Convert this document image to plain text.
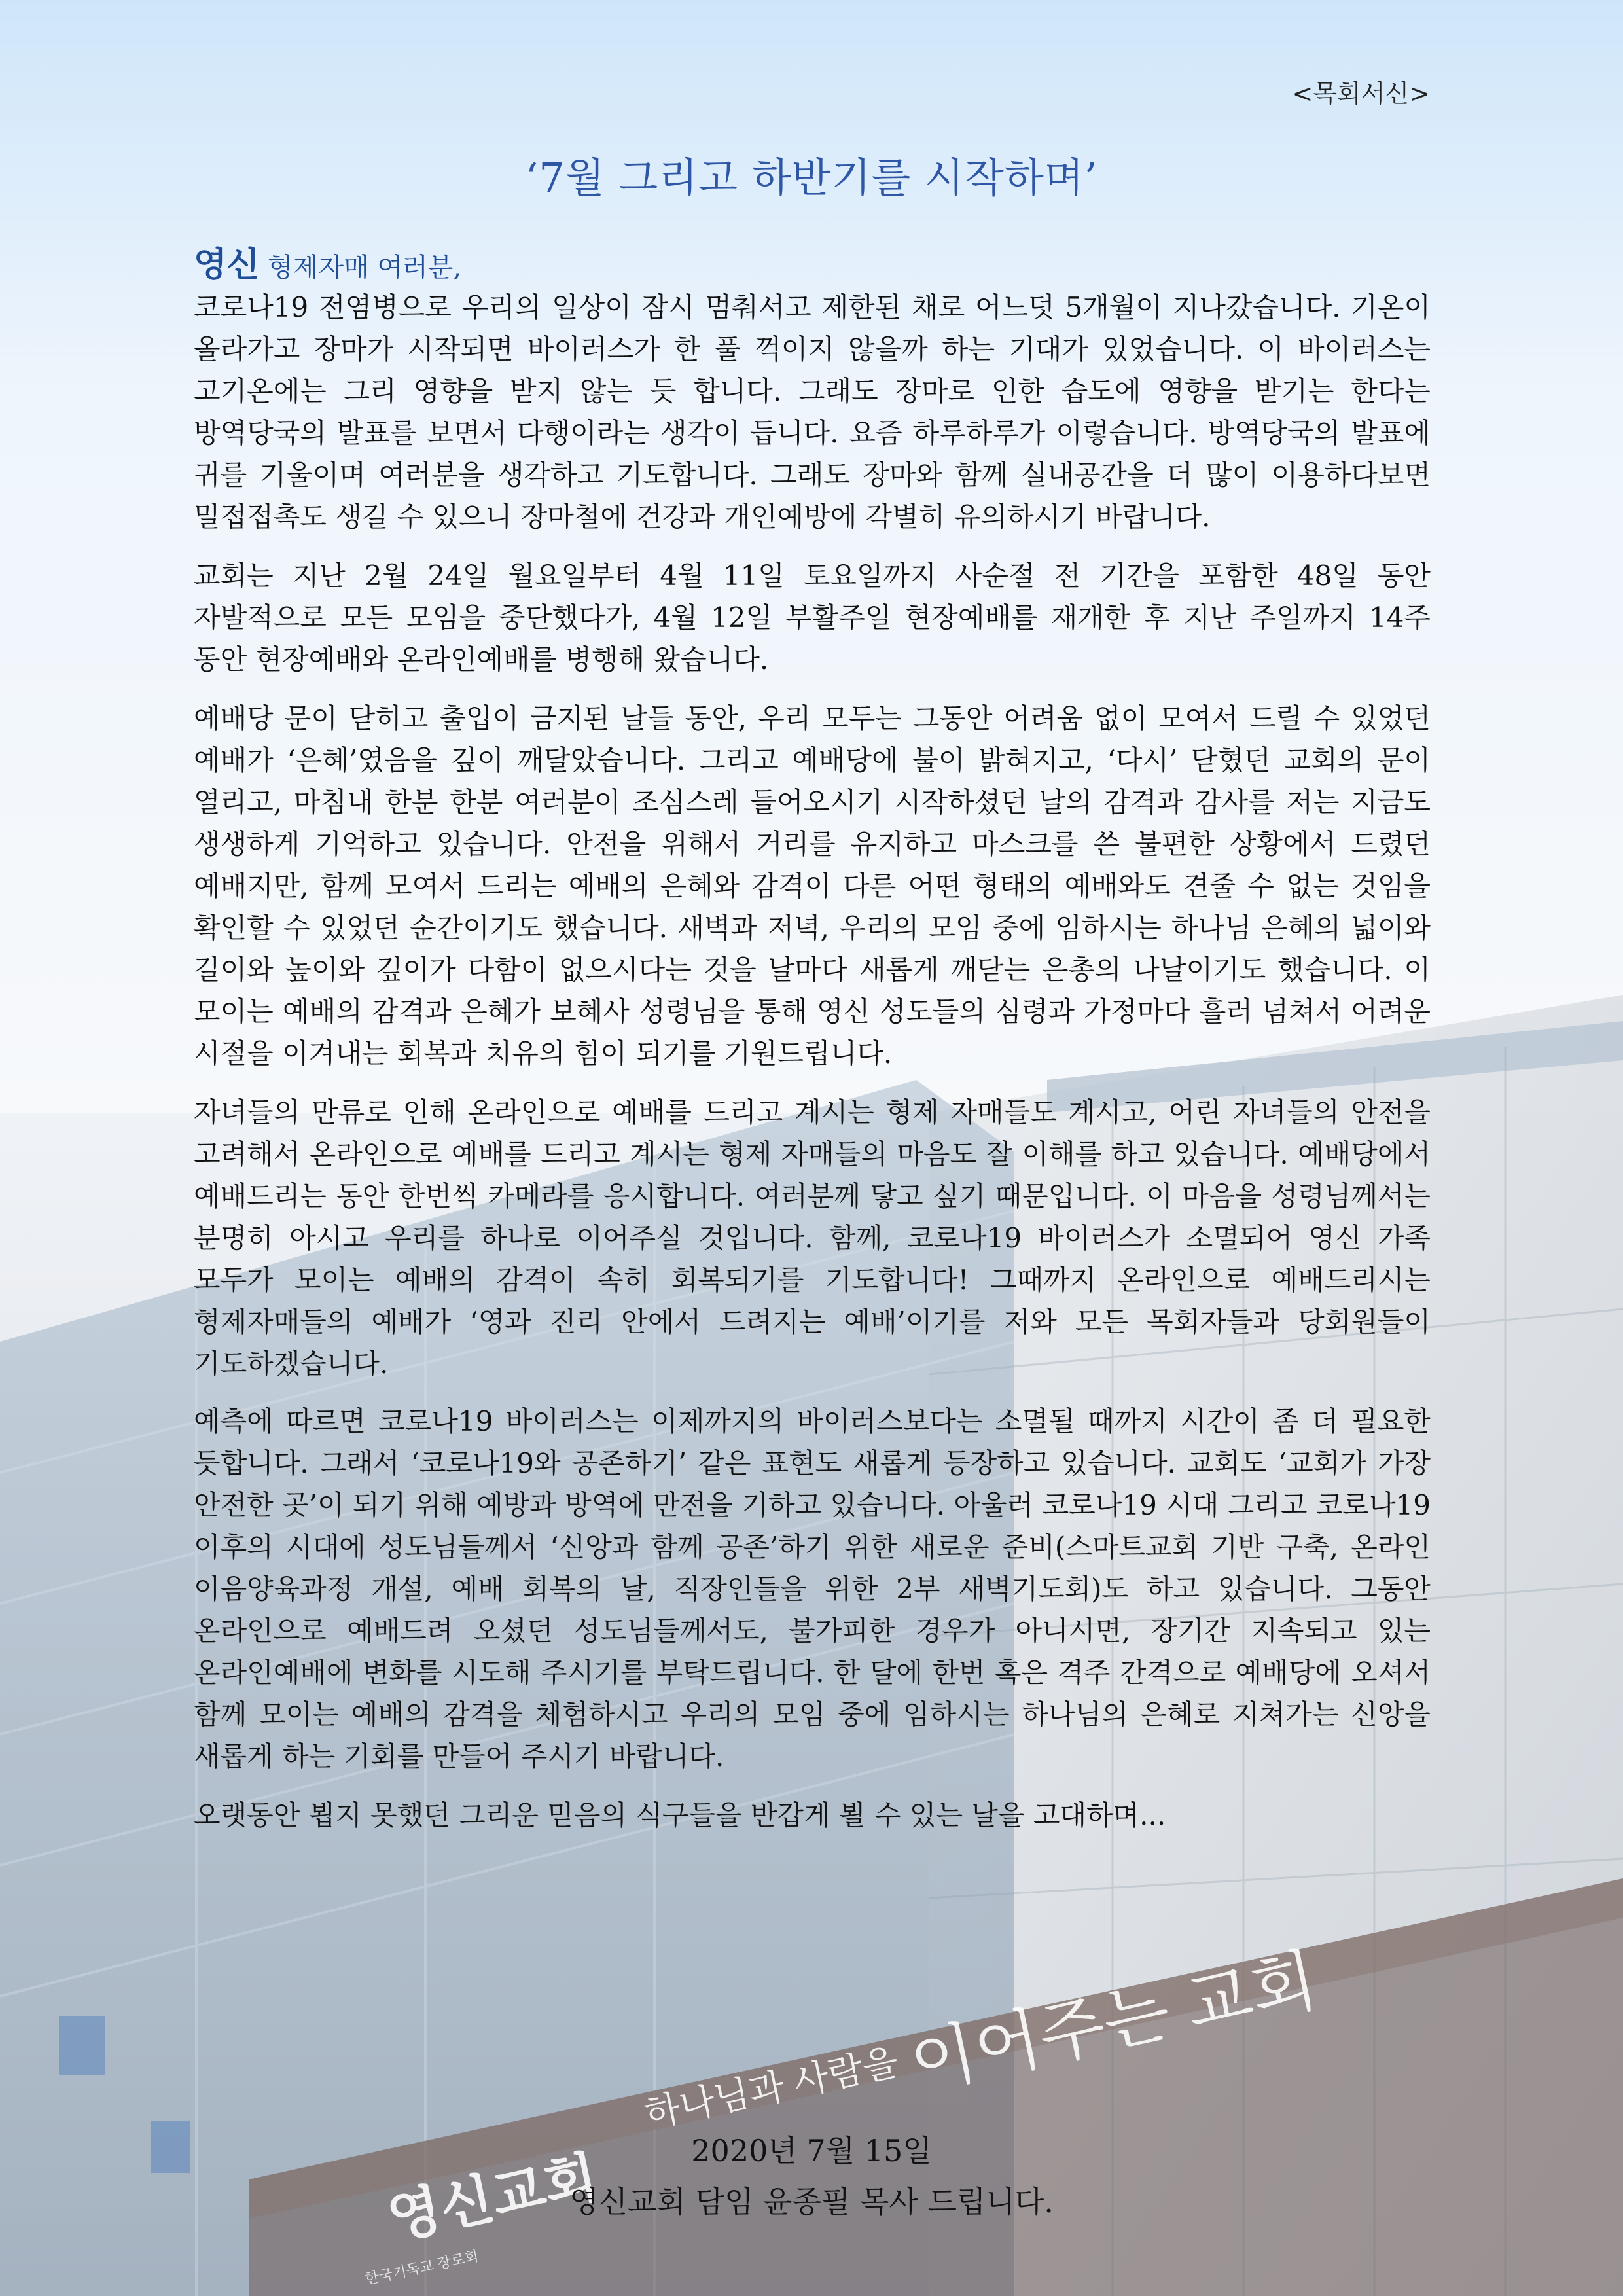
<목회서신>
‘7월 그리고 하반기를 시작하며’
영신 형제자매 여러분,

코로나19 전염병으로 우리의 일상이 잠시 멈춰서고 제한된 채로 어느덧 5개월이 지나갔습니다. 기온이 올라가고 장마가 시작되면 바이러스가 한 풀 꺽이지 않을까 하는 기대가 있었습니다. 이 바이러스는 고기온에는 그리 영향을 받지 않는 듯 합니다. 그래도 장마로 인한 습도에 영향을 받기는 한다는 방역당국의 발표를 보면서 다행이라는 생각이 듭니다. 요즘 하루하루가 이렇습니다. 방역당국의 발표에 귀를 기울이며 여러분을 생각하고 기도합니다. 그래도 장마와 함께 실내공간을 더 많이 이용하다보면 밀접접촉도 생길 수 있으니 장마철에 건강과 개인예방에 각별히 유의하시기 바랍니다.

교회는 지난 2월 24일 월요일부터 4월 11일 토요일까지 사순절 전 기간을 포함한 48일 동안 자발적으로 모든 모임을 중단했다가, 4월 12일 부활주일 현장예배를 재개한 후 지난 주일까지 14주 동안 현장예배와 온라인예배를 병행해 왔습니다.

예배당 문이 닫히고 출입이 금지된 날들 동안, 우리 모두는 그동안 어려움 없이 모여서 드릴 수 있었던 예배가 ‘은혜’였음을 깊이 깨달았습니다. 그리고 예배당에 불이 밝혀지고, ‘다시’ 닫혔던 교회의 문이 열리고, 마침내 한분 한분 여러분이 조심스레 들어오시기 시작하셨던 날의 감격과 감사를 저는 지금도 생생하게 기억하고 있습니다. 안전을 위해서 거리를 유지하고 마스크를 쓴 불편한 상황에서 드렸던 예배지만, 함께 모여서 드리는 예배의 은혜와 감격이 다른 어떤 형태의 예배와도 견줄 수 없는 것임을 확인할 수 있었던 순간이기도 했습니다. 새벽과 저녁, 우리의 모임 중에 임하시는 하나님 은혜의 넓이와 길이와 높이와 깊이가 다함이 없으시다는 것을 날마다 새롭게 깨닫는 은총의 나날이기도 했습니다. 이 모이는 예배의 감격과 은혜가 보혜사 성령님을 통해 영신 성도들의 심령과 가정마다 흘러 넘쳐서 어려운 시절을 이겨내는 회복과 치유의 힘이 되기를 기원드립니다.

자녀들의 만류로 인해 온라인으로 예배를 드리고 계시는 형제 자매들도 계시고, 어린 자녀들의 안전을 고려해서 온라인으로 예배를 드리고 계시는 형제 자매들의 마음도 잘 이해를 하고 있습니다. 예배당에서 예배드리는 동안 한번씩 카메라를 응시합니다. 여러분께 닿고 싶기 때문입니다. 이 마음을 성령님께서는 분명히 아시고 우리를 하나로 이어주실 것입니다. 함께, 코로나19 바이러스가 소멸되어 영신 가족 모두가 모이는 예배의 감격이 속히 회복되기를 기도합니다! 그때까지 온라인으로 예배드리시는 형제자매들의 예배가 ‘영과 진리 안에서 드려지는 예배’이기를 저와 모든 목회자들과 당회원들이 기도하겠습니다.

예측에 따르면 코로나19 바이러스는 이제까지의 바이러스보다는 소멸될 때까지 시간이 좀 더 필요한 듯합니다. 그래서 ‘코로나19와 공존하기’ 같은 표현도 새롭게 등장하고 있습니다. 교회도 ‘교회가 가장 안전한 곳’이 되기 위해 예방과 방역에 만전을 기하고 있습니다. 아울러 코로나19 시대 그리고 코로나19 이후의 시대에 성도님들께서 ‘신앙과 함께 공존’하기 위한 새로운 준비(스마트교회 기반 구축, 온라인 이음양육과정 개설, 예배 회복의 날, 직장인들을 위한 2부 새벽기도회)도 하고 있습니다. 그동안 온라인으로 예배드려 오셨던 성도님들께서도, 불가피한 경우가 아니시면, 장기간 지속되고 있는 온라인예배에 변화를 시도해 주시기를 부탁드립니다. 한 달에 한번 혹은 격주 간격으로 예배당에 오셔서 함께 모이는 예배의 감격을 체험하시고 우리의 모임 중에 임하시는 하나님의 은혜로 지쳐가는 신앙을 새롭게 하는 기회를 만들어 주시기 바랍니다.

오랫동안 뵙지 못했던 그리운 믿음의 식구들을 반갑게 뵐 수 있는 날을 고대하며...

하나님과 사람을 이어주는 교회
한국기독교 장로회
영신교회	2020년 7월 15일
영신교회 담임 윤종필 목사 드립니다.
